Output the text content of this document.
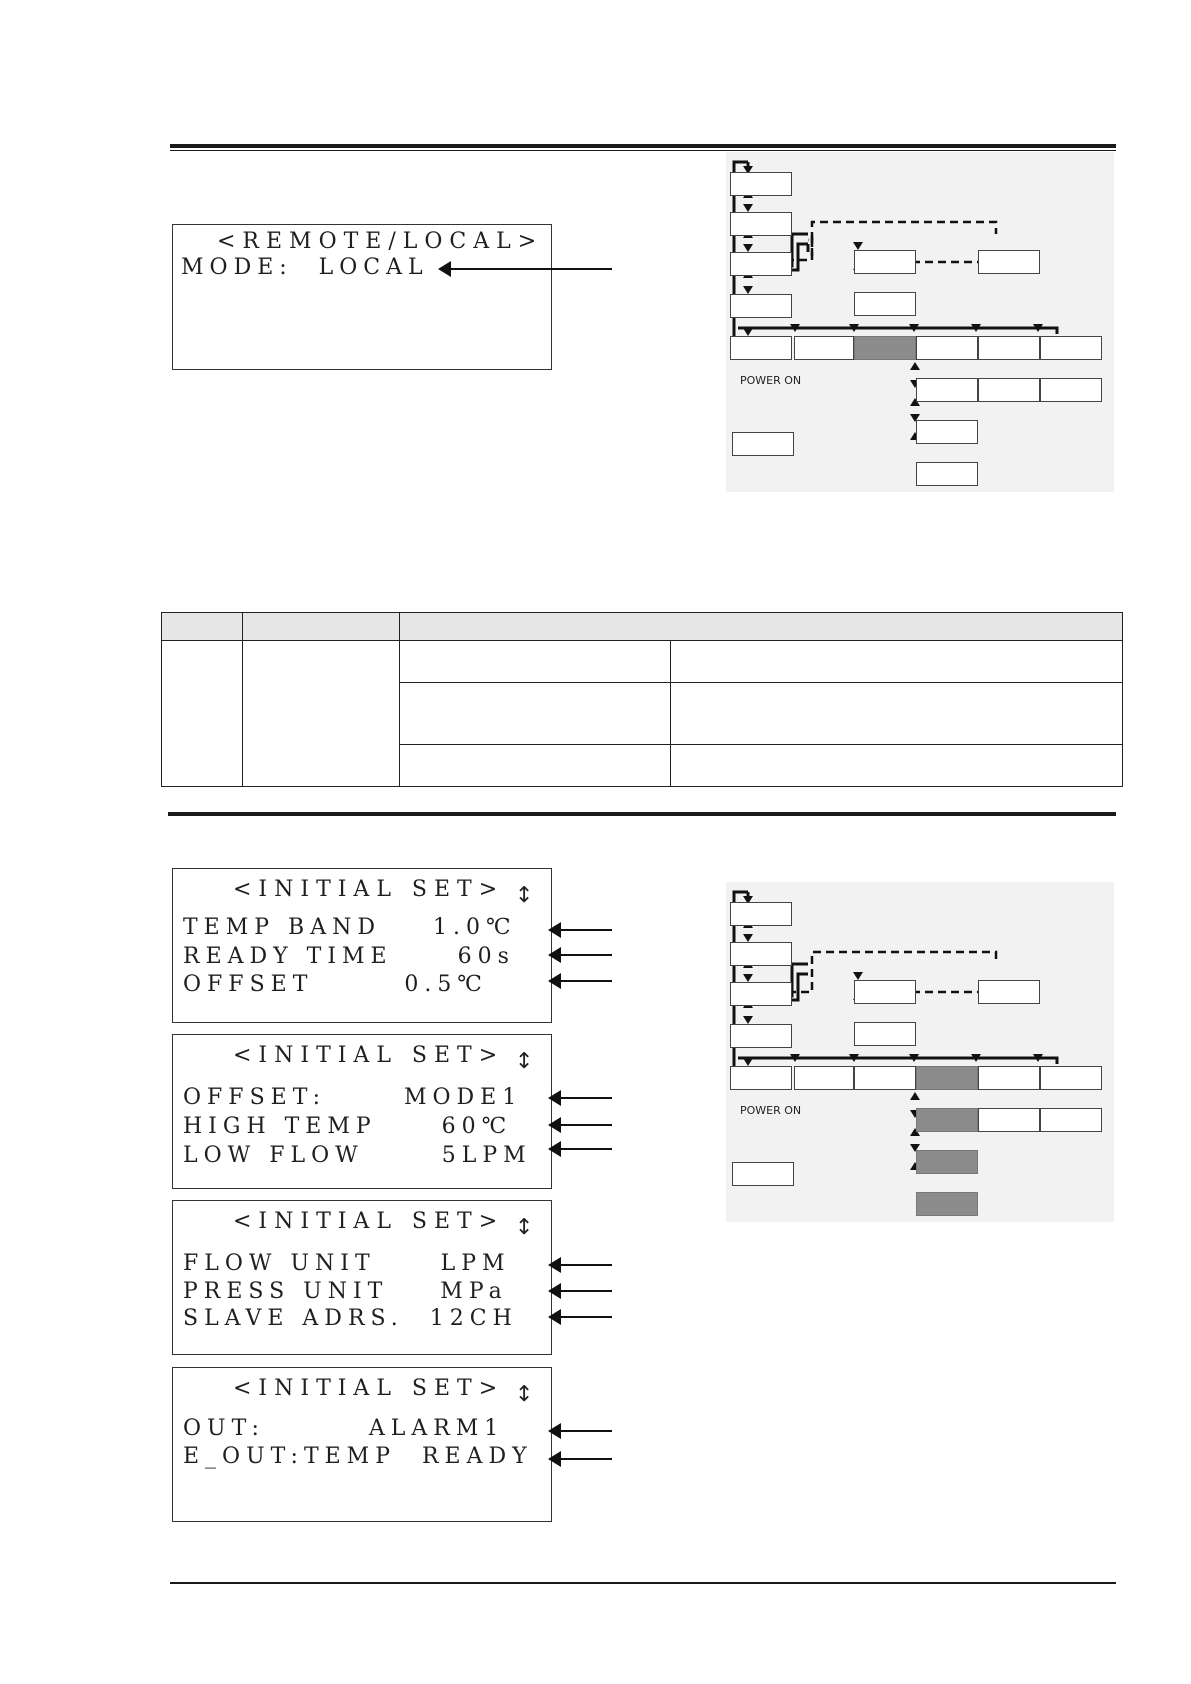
<REMOTE/LOCAL>
MODE:  LOCAL
POWER ON

<INITIAL SET> ↕
TEMP BAND    1.0℃
READY TIME     60s
OFFSET       0.5℃
<INITIAL SET> ↕
OFFSET:      MODE1
HIGH TEMP     60℃
LOW FLOW      5LPM
<INITIAL SET> ↕
FLOW UNIT     LPM
PRESS UNIT    MPa
SLAVE ADRS.  12CH
<INITIAL SET> ↕
OUT:        ALARM1
E_OUT:TEMP  READY
POWER ON
